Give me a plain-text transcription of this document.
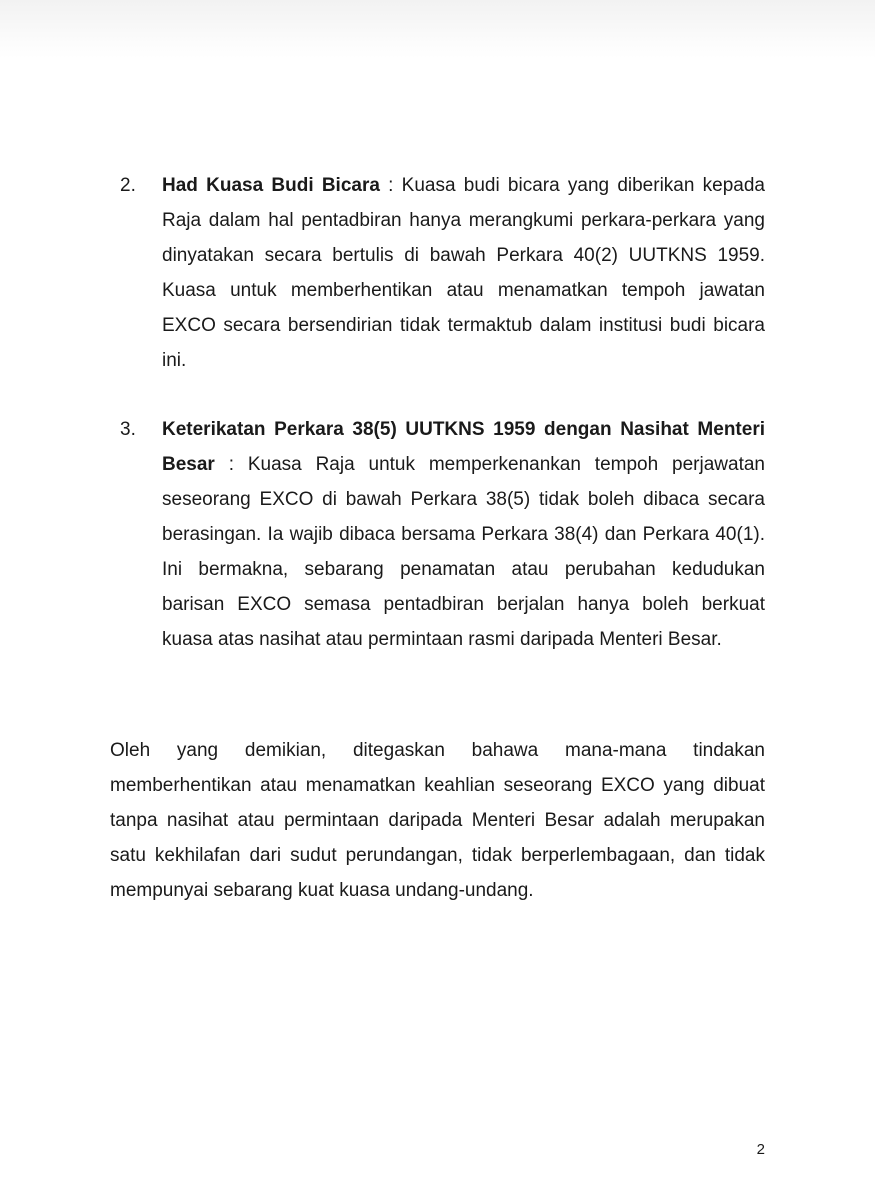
2. Had Kuasa Budi Bicara : Kuasa budi bicara yang diberikan kepada Raja dalam hal pentadbiran hanya merangkumi perkara-perkara yang dinyatakan secara bertulis di bawah Perkara 40(2) UUTKNS 1959. Kuasa untuk memberhentikan atau menamatkan tempoh jawatan EXCO secara bersendirian tidak termaktub dalam institusi budi bicara ini.

3. Keterikatan Perkara 38(5) UUTKNS 1959 dengan Nasihat Menteri Besar : Kuasa Raja untuk memperkenankan tempoh perjawatan seseorang EXCO di bawah Perkara 38(5) tidak boleh dibaca secara berasingan. Ia wajib dibaca bersama Perkara 38(4) dan Perkara 40(1). Ini bermakna, sebarang penamatan atau perubahan kedudukan barisan EXCO semasa pentadbiran berjalan hanya boleh berkuat kuasa atas nasihat atau permintaan rasmi daripada Menteri Besar.

Oleh yang demikian, ditegaskan bahawa mana-mana tindakan memberhentikan atau menamatkan keahlian seseorang EXCO yang dibuat tanpa nasihat atau permintaan daripada Menteri Besar adalah merupakan satu kekhilafan dari sudut perundangan, tidak berperlembagaan, dan tidak mempunyai sebarang kuat kuasa undang-undang.

2
